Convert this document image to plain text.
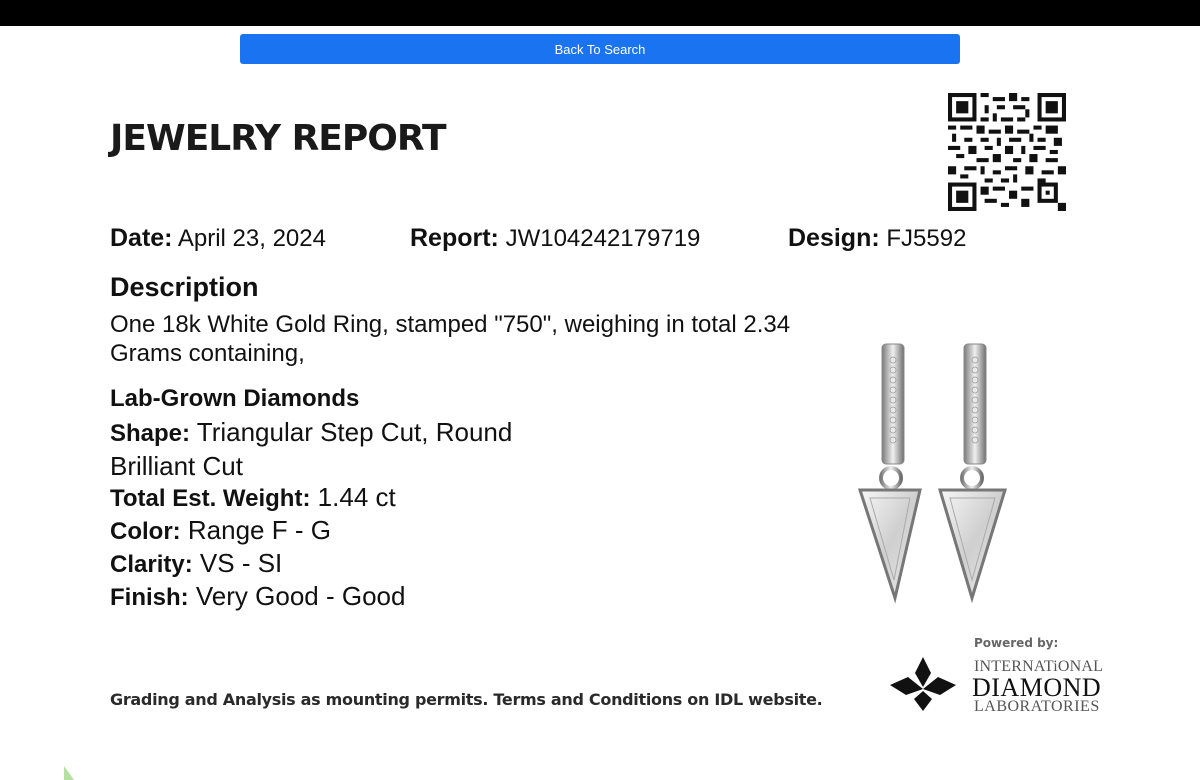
Back To Search
JEWELRY REPORT
Date: April 23, 2024	Report: JW104242179719	Design: FJ5592
Description
One 18k White Gold Ring, stamped "750", weighing in total 2.34 Grams containing,
Lab-Grown Diamonds
Shape: Triangular Step Cut, Round Brilliant Cut
Total Est. Weight: 1.44 ct
Color: Range F - G
Clarity: VS - SI
Finish: Very Good - Good
Grading and Analysis as mounting permits. Terms and Conditions on IDL website.
Powered by:
INTERNATiONAL
DIAMOND
LABORATORIES
